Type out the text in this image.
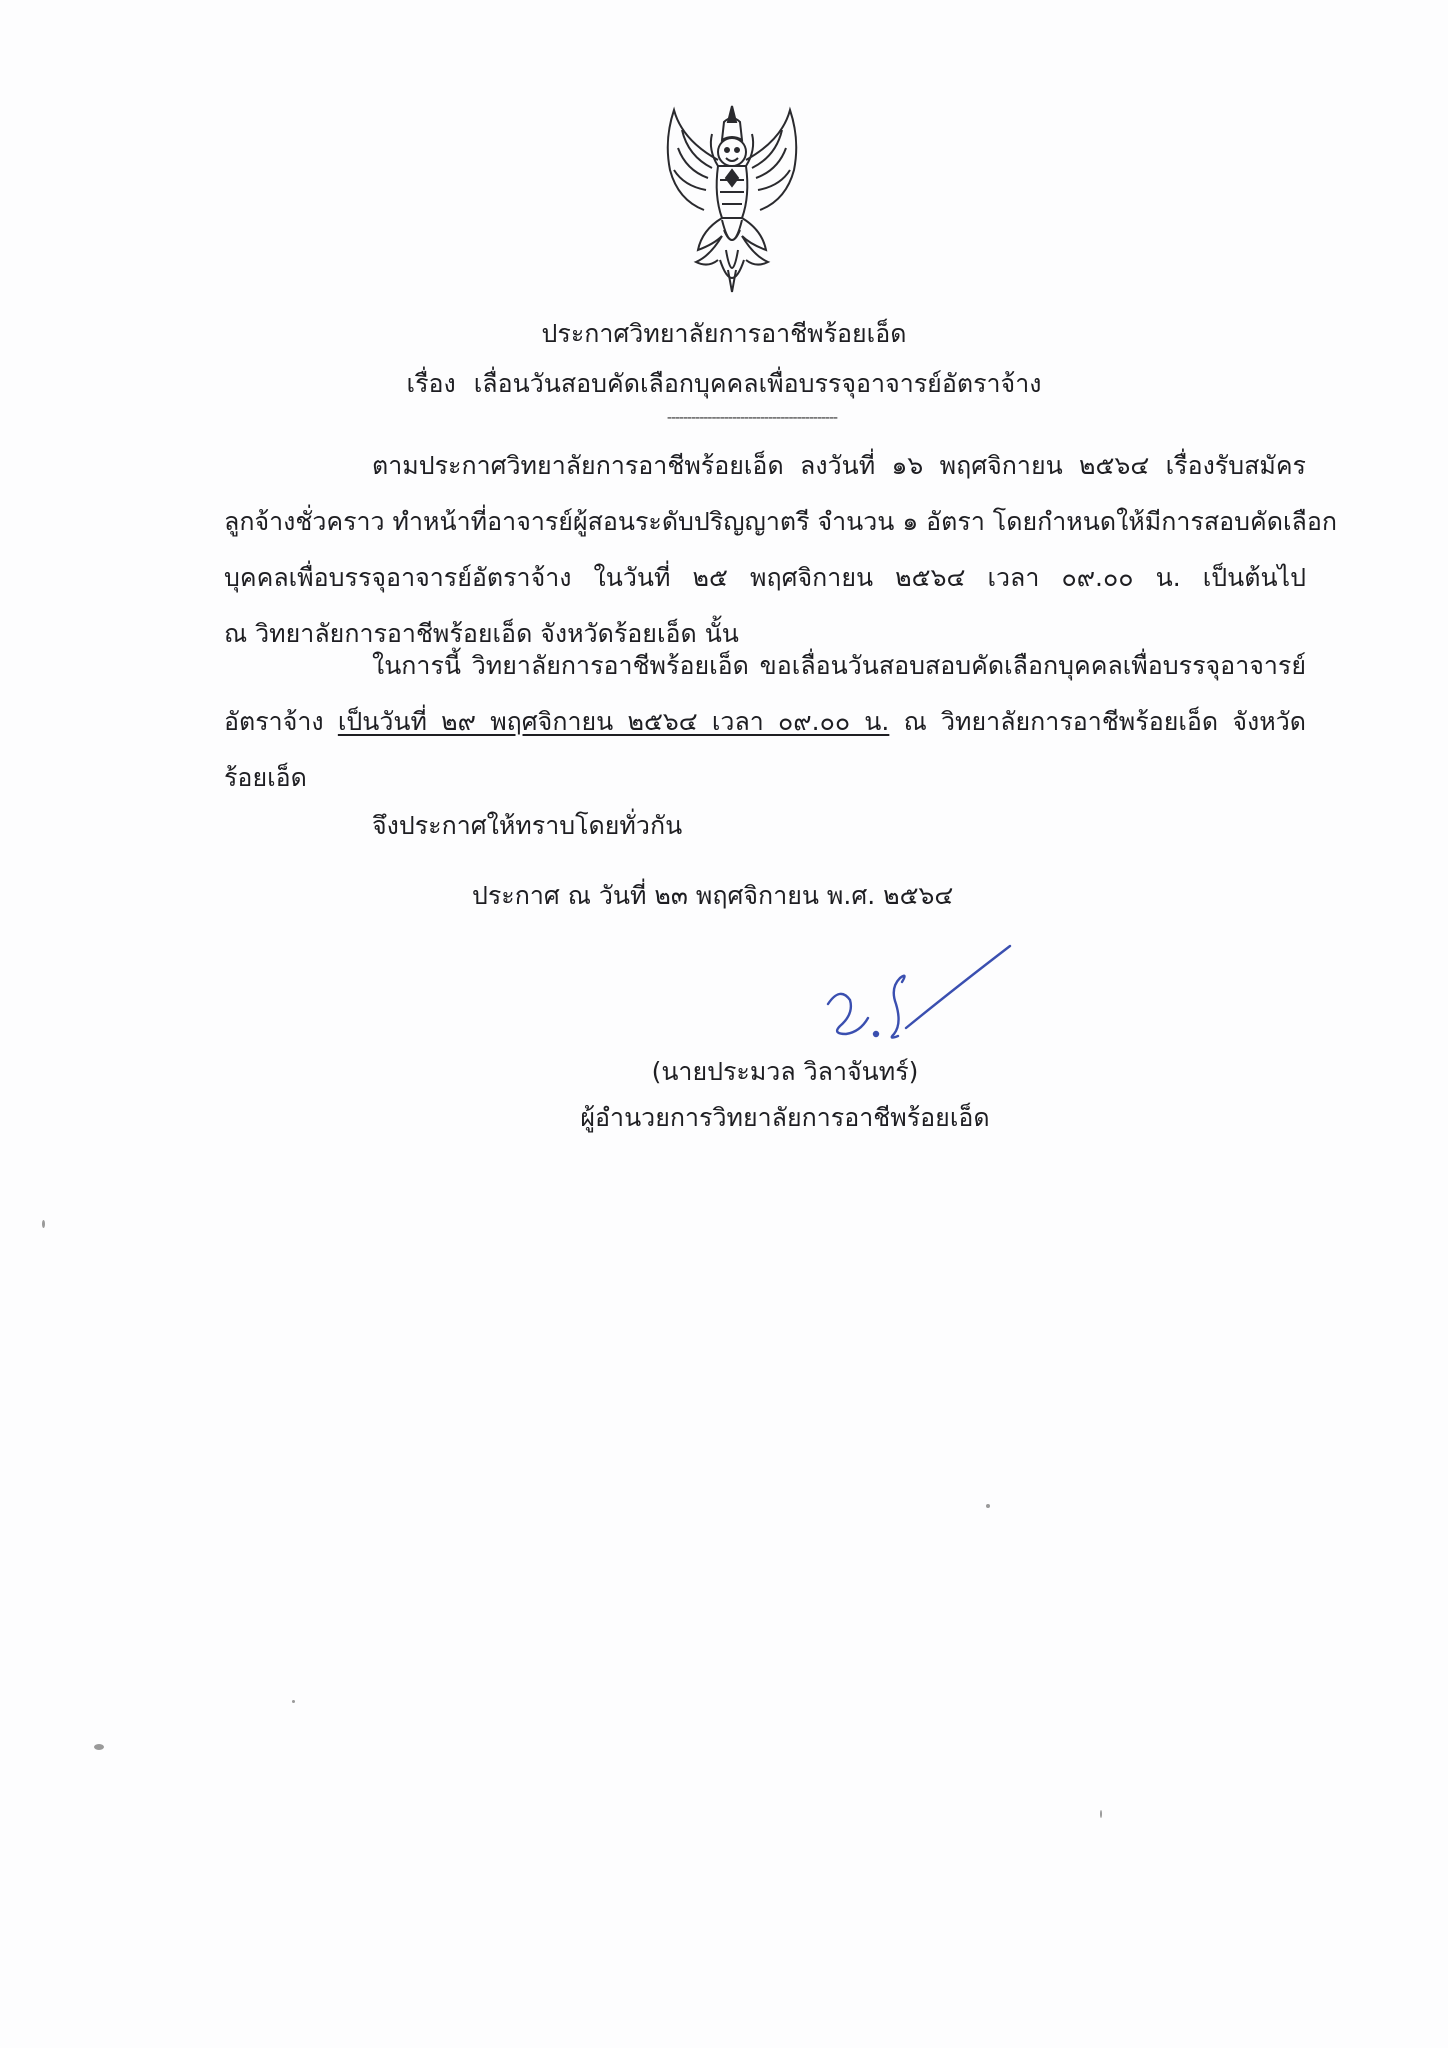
ประกาศวิทยาลัยการอาชีพร้อยเอ็ด
เรื่อง เลื่อนวันสอบคัดเลือกบุคคลเพื่อบรรจุอาจารย์อัตราจ้าง
------------------------------------------
ตามประกาศวิทยาลัยการอาชีพร้อยเอ็ด ลงวันที่ ๑๖ พฤศจิกายน ๒๕๖๔ เรื่องรับสมัคร
ลูกจ้างชั่วคราว ทำหน้าที่อาจารย์ผู้สอนระดับปริญญาตรี จำนวน ๑ อัตรา โดยกำหนดให้มีการสอบคัดเลือก
บุคคลเพื่อบรรจุอาจารย์อัตราจ้าง ในวันที่ ๒๕ พฤศจิกายน ๒๕๖๔ เวลา ๐๙.๐๐ น. เป็นต้นไป
ณ วิทยาลัยการอาชีพร้อยเอ็ด จังหวัดร้อยเอ็ด นั้น
ในการนี้ วิทยาลัยการอาชีพร้อยเอ็ด ขอเลื่อนวันสอบสอบคัดเลือกบุคคลเพื่อบรรจุอาจารย์
อัตราจ้าง เป็นวันที่ ๒๙ พฤศจิกายน ๒๕๖๔ เวลา ๐๙.๐๐ น. ณ วิทยาลัยการอาชีพร้อยเอ็ด จังหวัด
ร้อยเอ็ด
จึงประกาศให้ทราบโดยทั่วกัน
ประกาศ ณ วันที่ ๒๓ พฤศจิกายน พ.ศ. ๒๕๖๔
(นายประมวล วิลาจันทร์)
ผู้อำนวยการวิทยาลัยการอาชีพร้อยเอ็ด
